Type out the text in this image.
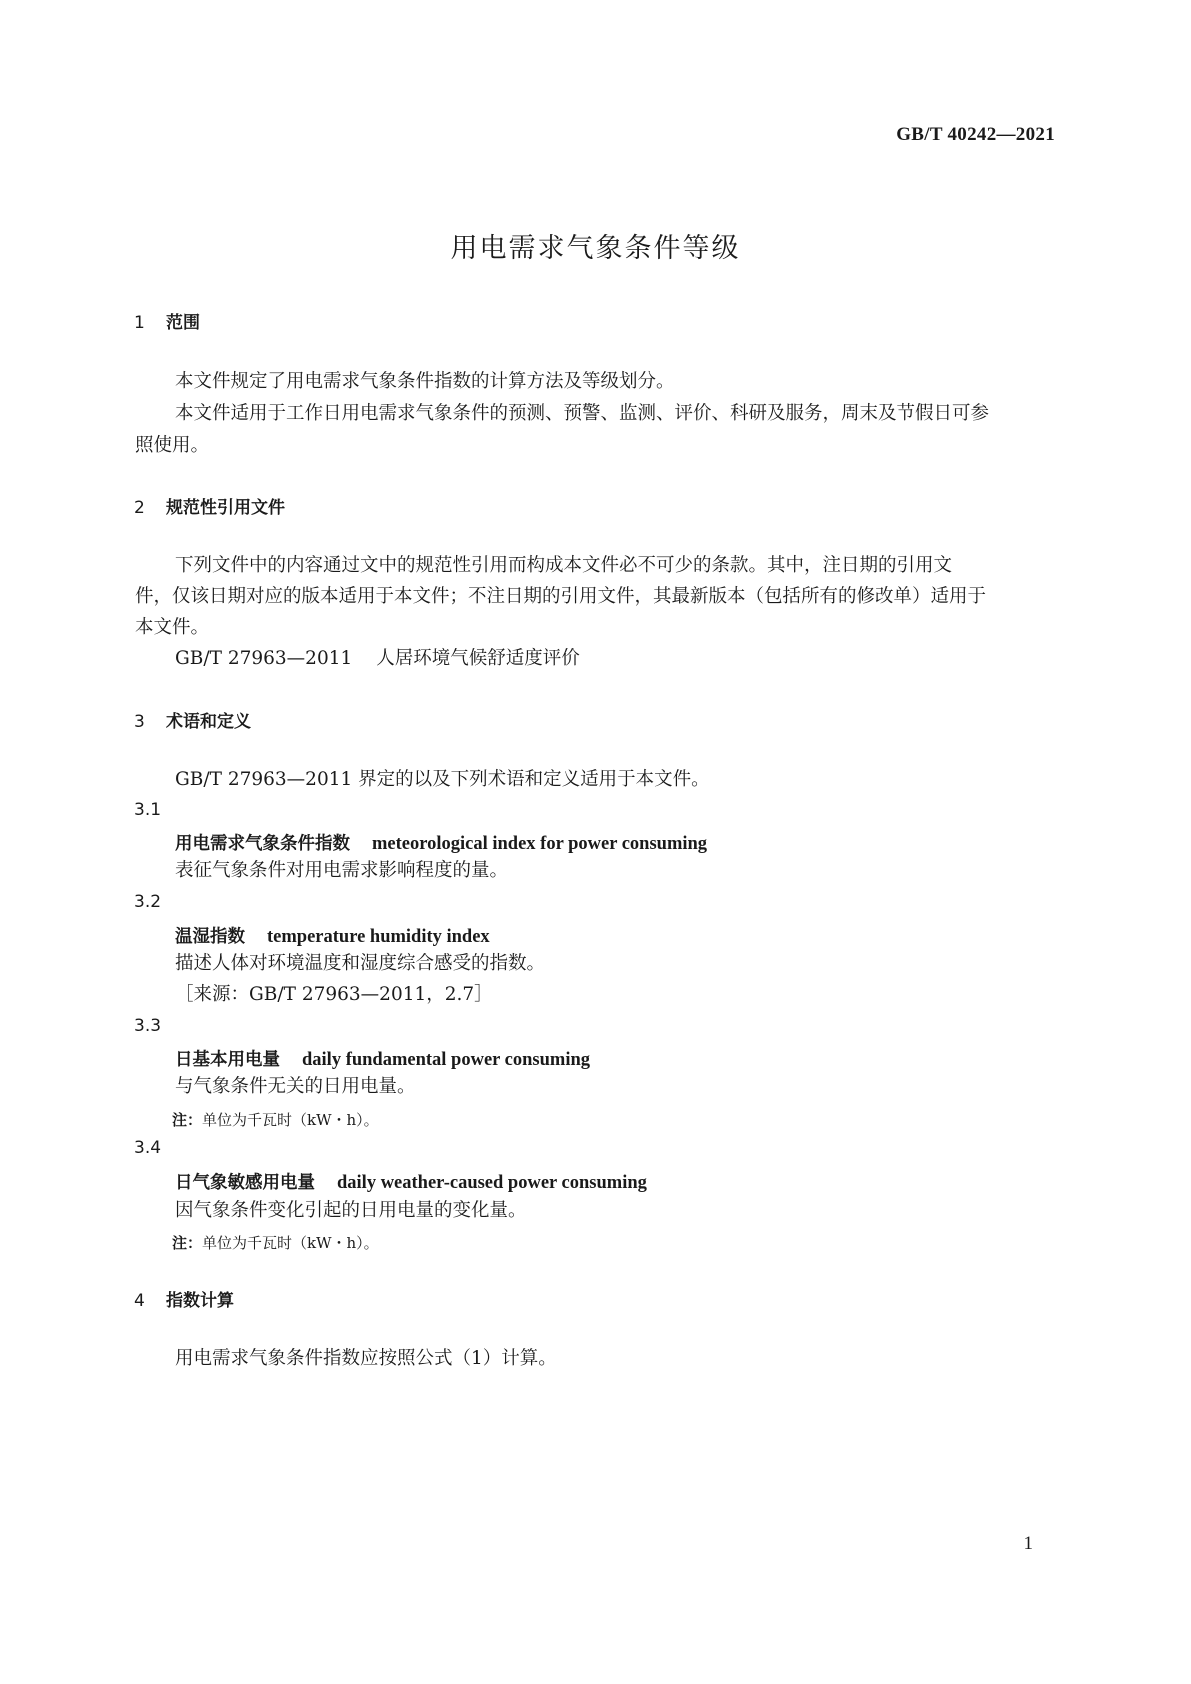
GB/T 40242—2021
用电需求气象条件等级
1 范围
本文件规定了用电需求气象条件指数的计算方法及等级划分。
本文件适用于工作日用电需求气象条件的预测、预警、监测、评价、科研及服务，周末及节假日可参
照使用。
2 规范性引用文件
下列文件中的内容通过文中的规范性引用而构成本文件必不可少的条款。其中，注日期的引用文
件，仅该日期对应的版本适用于本文件；不注日期的引用文件，其最新版本（包括所有的修改单）适用于
本文件。
GB/T 27963—2011 人居环境气候舒适度评价
3 术语和定义
GB/T 27963—2011 界定的以及下列术语和定义适用于本文件。
3.1
用电需求气象条件指数 meteorological index for power consuming
表征气象条件对用电需求影响程度的量。
3.2
温湿指数 temperature humidity index
描述人体对环境温度和湿度综合感受的指数。
［来源：GB/T 27963—2011，2.7］
3.3
日基本用电量 daily fundamental power consuming
与气象条件无关的日用电量。
注：单位为千瓦时（kW・h）。
3.4
日气象敏感用电量 daily weather-caused power consuming
因气象条件变化引起的日用电量的变化量。
注：单位为千瓦时（kW・h）。
4 指数计算
用电需求气象条件指数应按照公式（1）计算。
1
